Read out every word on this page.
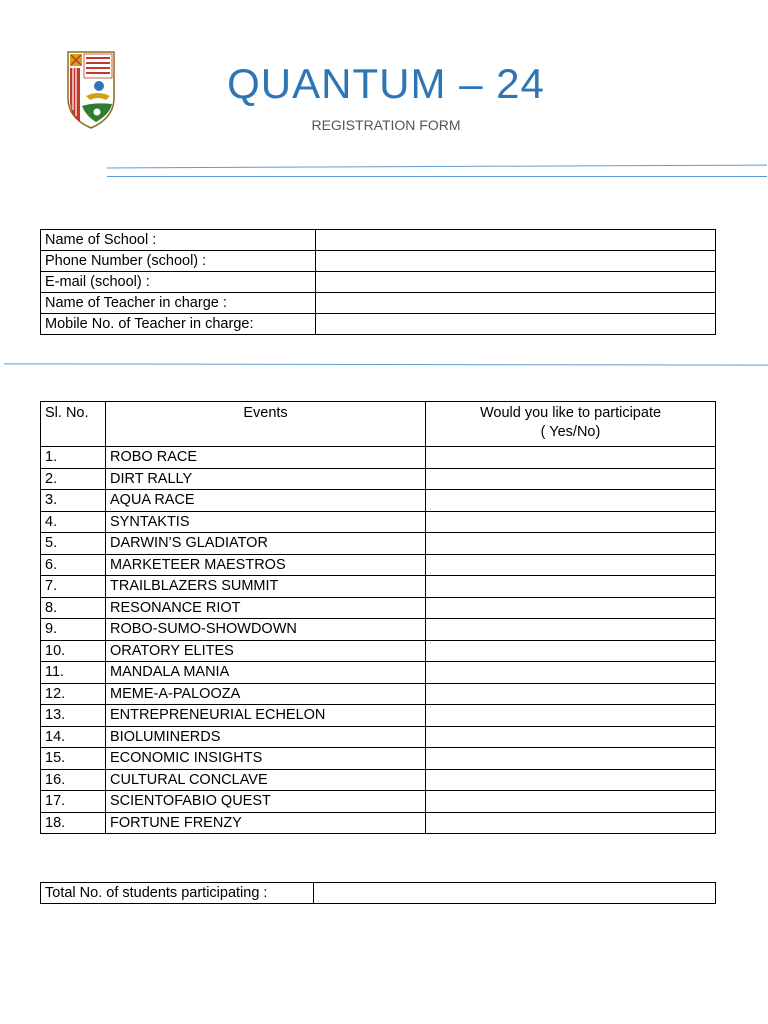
QUANTUM – 24
REGISTRATION FORM
Name of School :	
Phone Number (school) :	
E-mail (school) :	
Name of Teacher in charge :	
Mobile No. of Teacher in charge:	
Sl. No.	Events	Would you like to participate
( Yes/No)

1.	ROBO RACE	
2.	DIRT RALLY	
3.	AQUA RACE	
4.	SYNTAKTIS	
5.	DARWIN’S GLADIATOR	
6.	MARKETEER MAESTROS	
7.	TRAILBLAZERS SUMMIT	
8.	RESONANCE RIOT	
9.	ROBO-SUMO-SHOWDOWN	
10.	ORATORY ELITES	
11.	MANDALA MANIA	
12.	MEME-A-PALOOZA	
13.	ENTREPRENEURIAL ECHELON	
14.	BIOLUMINERDS	
15.	ECONOMIC INSIGHTS	
16.	CULTURAL CONCLAVE	
17.	SCIENTOFABIO QUEST	
18.	FORTUNE FRENZY	
Total No. of students participating :	
